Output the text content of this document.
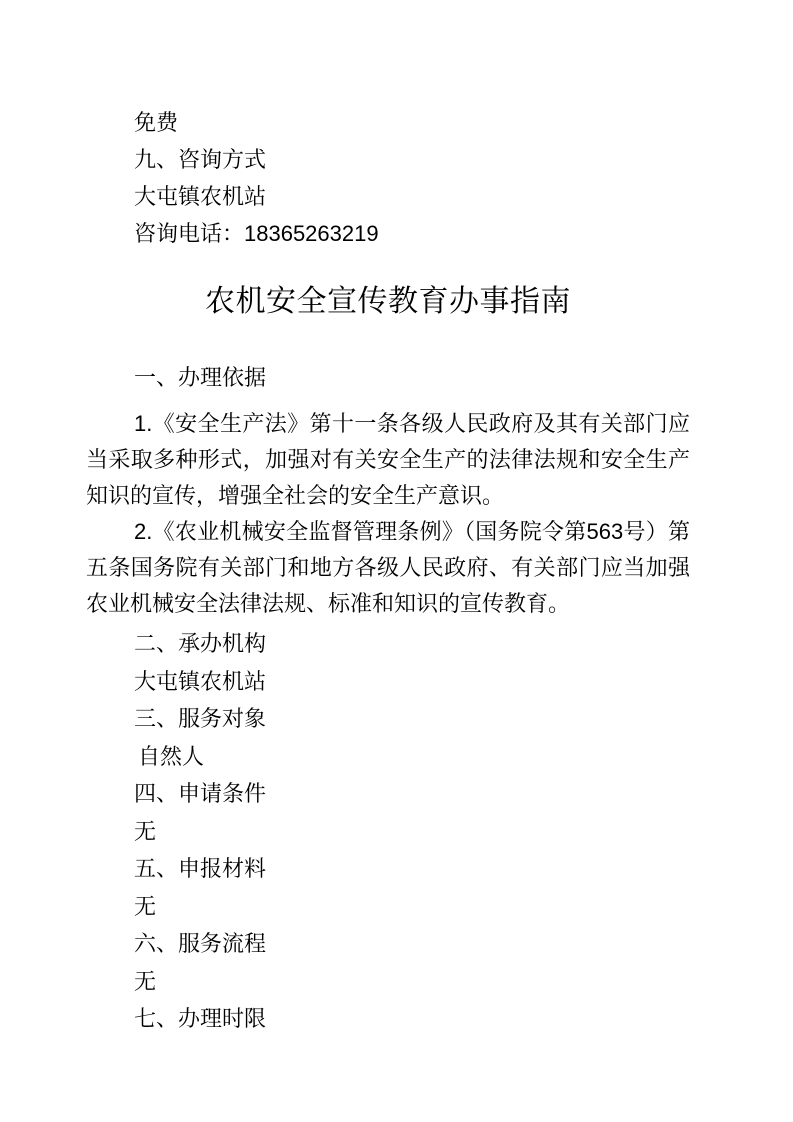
免费

九、咨询方式

大屯镇农机站

咨询电话：18365263219

农机安全宣传教育办事指南

一、办理依据

1.《安全生产法》第十一条各级人民政府及其有关部门应当采取多种形式，加强对有关安全生产的法律法规和安全生产知识的宣传，增强全社会的安全生产意识。

2.《农业机械安全监督管理条例》（国务院令第563号）第五条国务院有关部门和地方各级人民政府、有关部门应当加强农业机械安全法律法规、标准和知识的宣传教育。

二、承办机构

大屯镇农机站

三、服务对象

自然人

四、申请条件

无

五、申报材料

无

六、服务流程

无

七、办理时限
